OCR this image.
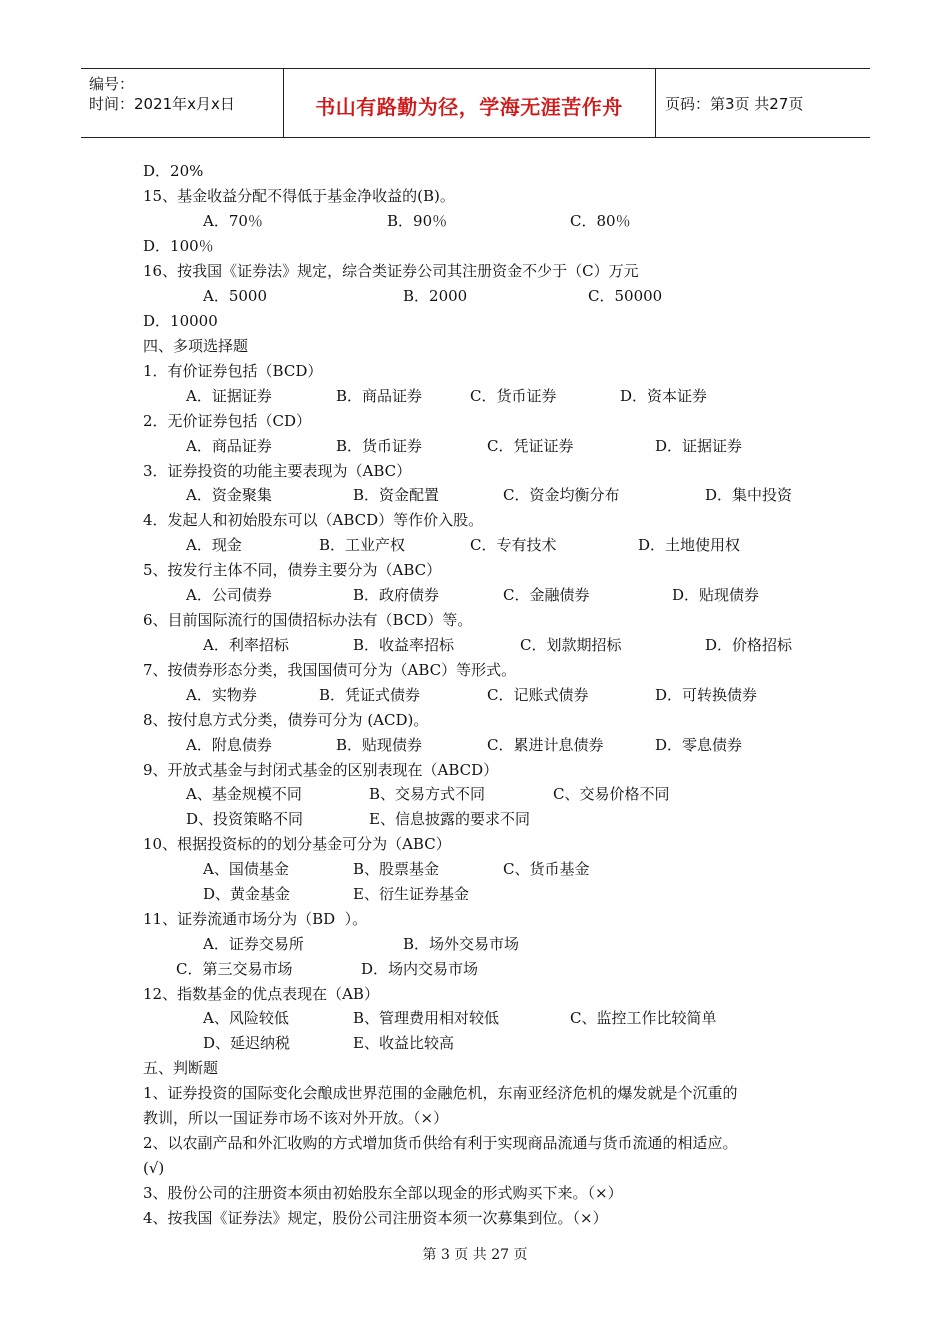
编号：
时间：2021年x月x日	书山有路勤为径，学海无涯苦作舟	页码：第3页 共27页
D．20%
15、基金收益分配不得低于基金净收益的(B)。
A．70％	B．90％	C．80％
D．100％
16、按我国《证券法》规定，综合类证券公司其注册资金不少于（C）万元
A．5000	B．2000	C．50000
D．10000
四、多项选择题
1．有价证券包括（BCD）
A．证据证券	B．商品证券	C．货币证券	D．资本证券
2．无价证券包括（CD）
A．商品证券	B．货币证券	C．凭证证券	D．证据证券
3．证券投资的功能主要表现为（ABC）
A．资金聚集	B．资金配置	C．资金均衡分布	D．集中投资
4．发起人和初始股东可以（ABCD）等作价入股。
A．现金	B．工业产权	C．专有技术	D．土地使用权
5、按发行主体不同，债券主要分为（ABC）
A．公司债券	B．政府债券	C．金融债券	D．贴现债券
6、目前国际流行的国债招标办法有（BCD）等。
A．利率招标	B．收益率招标	C．划款期招标	D．价格招标
7、按债券形态分类，我国国债可分为（ABC）等形式。
A．实物券	B．凭证式债券	C．记账式债券	D．可转换债券
8、按付息方式分类，债券可分为 (ACD)。
A．附息债券	B．贴现债券	C．累进计息债券	D．零息债券
9、开放式基金与封闭式基金的区别表现在（ABCD）
A、基金规模不同	B、交易方式不同	C、交易价格不同
D、投资策略不同	E、信息披露的要求不同
10、根据投资标的的划分基金可分为（ABC）
A、国债基金	B、股票基金	C、货币基金
D、黄金基金	E、衍生证券基金
11、证券流通市场分为（BD  ）。
A．证券交易所	B．场外交易市场
C．第三交易市场	D．场内交易市场
12、指数基金的优点表现在（AB）
A、风险较低	B、管理费用相对较低	C、监控工作比较简单
D、延迟纳税	E、收益比较高
五、判断题
1、证券投资的国际变化会酿成世界范围的金融危机，东南亚经济危机的爆发就是个沉重的
教训，所以一国证券市场不该对外开放。（×）
2、以农副产品和外汇收购的方式增加货币供给有利于实现商品流通与货币流通的相适应。
(√)
3、股份公司的注册资本须由初始股东全部以现金的形式购买下来。（×）
4、按我国《证券法》规定，股份公司注册资本须一次募集到位。（×）
第 3 页 共 27 页
